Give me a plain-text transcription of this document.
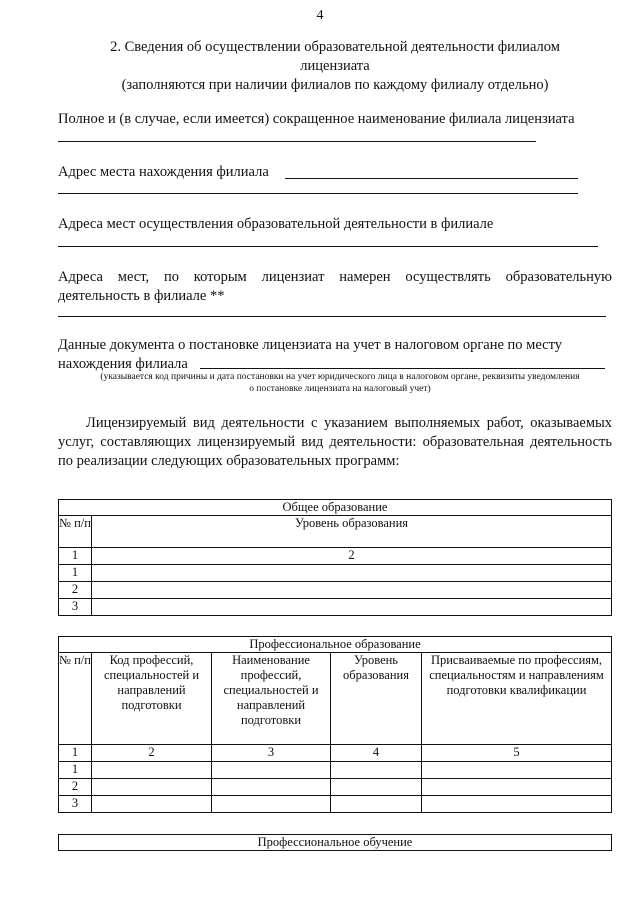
4
2. Сведения об осуществлении образовательной деятельности филиалом
лицензиата
(заполняются при наличии филиалов по каждому филиалу отдельно)
Полное и (в случае, если имеется) сокращенное наименование филиала лицензиата
Адрес места нахождения филиала
Адреса мест осуществления образовательной деятельности в филиале
Адреса мест, по которым лицензиат намерен осуществлять образовательную деятельность в филиале **
Данные документа о постановке лицензиата на учет в налоговом органе по месту
нахождения филиала
(указывается код причины и дата постановки на учет юридического лица в налоговом органе, реквизиты уведомления
о постановке лицензиата на налоговый учет)
Лицензируемый вид деятельности с указанием выполняемых работ, оказываемых услуг, составляющих лицензируемый вид деятельности: образовательная деятельность по реализации следующих образовательных программ:
Общее образование	
№ п/п	Уровень образования
1	2
1	
2	
3	
Профессиональное образование				
№ п/п	Код профессий, специальностей и направлений подготовки	Наименование профессий, специальностей и направлений подготовки	Уровень образования	Присваиваемые по профессиям, специальностям и направлениям подготовки квалификации
1	2	3	4	5
1				
2				
3				
Профессиональное обучение
